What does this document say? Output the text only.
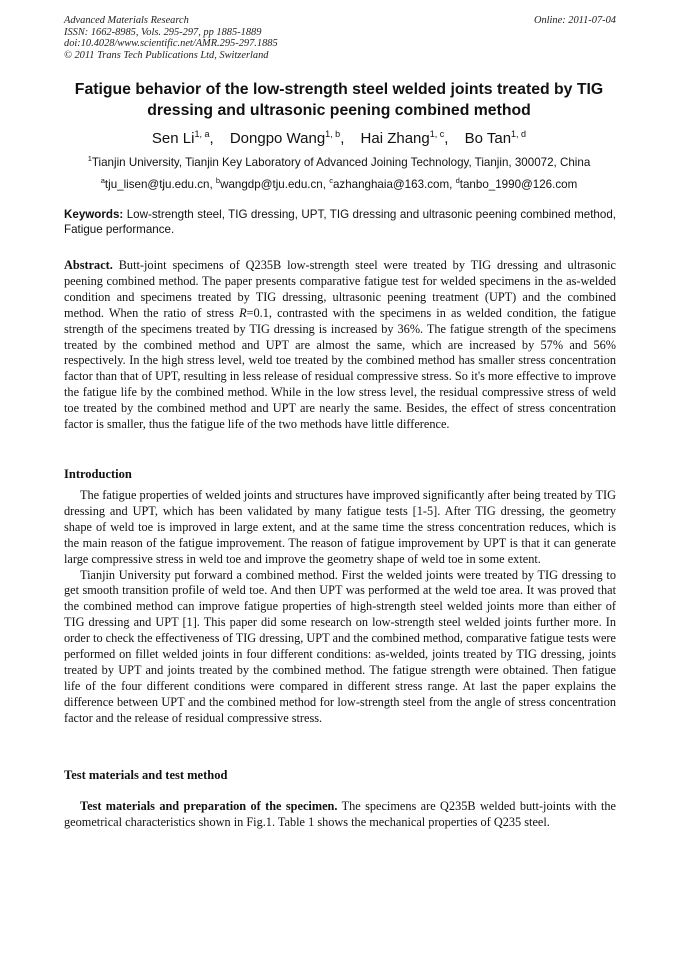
Advanced Materials Research	Online: 2011-07-04
ISSN: 1662-8985, Vols. 295-297, pp 1885-1889
doi:10.4028/www.scientific.net/AMR.295-297.1885
© 2011 Trans Tech Publications Ltd, Switzerland
Fatigue behavior of the low-strength steel welded joints treated by TIG dressing and ultrasonic peening combined method
Sen Li$^{1, a}$, Dongpo Wang$^{1, b}$, Hai Zhang$^{1, c}$, Bo Tan$^{1, d}$
$^1$Tianjin University, Tianjin Key Laboratory of Advanced Joining Technology, Tianjin, 300072, China
$^a$tju_lisen@tju.edu.cn, $^b$wangdp@tju.edu.cn, $^c$azhanghaia@163.com, $^d$tanbo_1990@126.com
Keywords: Low-strength steel, TIG dressing, UPT, TIG dressing and ultrasonic peening combined method, Fatigue performance.

Abstract. Butt-joint specimens of Q235B low-strength steel were treated by TIG dressing and ultrasonic peening combined method. The paper presents comparative fatigue test for welded specimens in the as-welded condition and specimens treated by TIG dressing, ultrasonic peening treatment (UPT) and the combined method. When the ratio of stress R=0.1, contrasted with the specimens in as welded condition, the fatigue strength of the specimens treated by TIG dressing is increased by 36%. The fatigue strength of the specimens treated by the combined method and UPT are almost the same, which are increased by 57% and 56% respectively. In the high stress level, weld toe treated by the combined method has smaller stress concentration factor than that of UPT, resulting in less release of residual compressive stress. So it's more effective to improve the fatigue life by the combined method. While in the low stress level, the residual compressive stress of weld toe treated by the combined method and UPT are nearly the same. Besides, the effect of stress concentration factor is smaller, thus the fatigue life of the two methods have little difference.

Introduction

The fatigue properties of welded joints and structures have improved significantly after being treated by TIG dressing and UPT, which has been validated by many fatigue tests [1-5]. After TIG dressing, the geometry shape of weld toe is improved in large extent, and at the same time the stress concentration reduces, which is the main reason of the fatigue improvement. The reason of fatigue improvement by UPT is that it can generate large compressive stress in weld toe and improve the geometry shape of weld toe in some extent.

Tianjin University put forward a combined method. First the welded joints were treated by TIG dressing to get smooth transition profile of weld toe. And then UPT was performed at the weld toe area. It was proved that the combined method can improve fatigue properties of high-strength steel welded joints more than either of TIG dressing and UPT [1]. This paper did some research on low-strength steel welded joints further more. In order to check the effectiveness of TIG dressing, UPT and the combined method, comparative fatigue tests were performed on fillet welded joints in four different conditions: as-welded, joints treated by TIG dressing, joints treated by UPT and joints treated by the combined method. The fatigue strength were obtained. Then fatigue life of the four different conditions were compared in different stress range. At last the paper explains the difference between UPT and the combined method for low-strength steel from the angle of stress concentration factor and the release of residual compressive stress.

Test materials and test method

Test materials and preparation of the specimen. The specimens are Q235B welded butt-joints with the geometrical characteristics shown in Fig.1. Table 1 shows the mechanical properties of Q235 steel.
